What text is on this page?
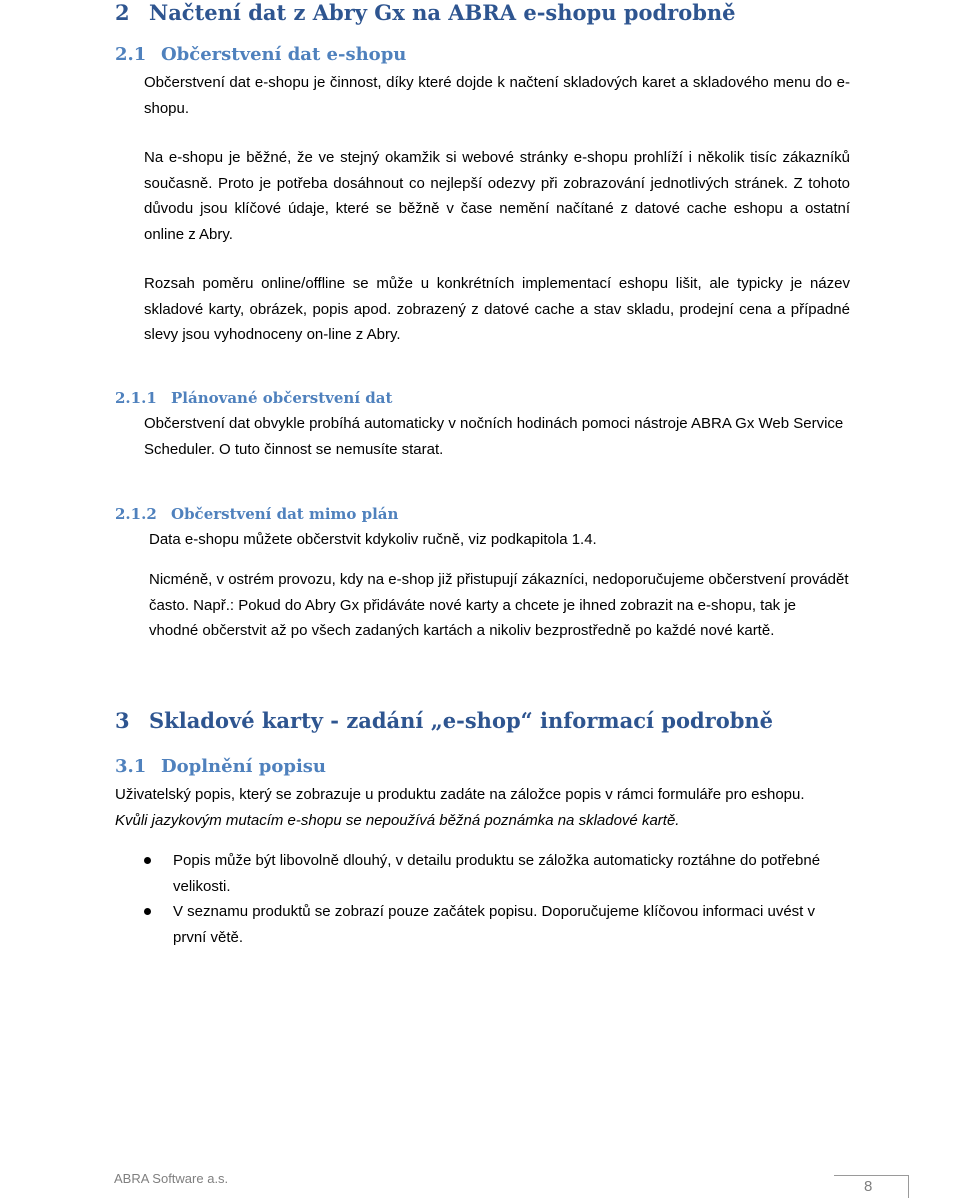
2 Načtení dat z Abry Gx na ABRA e-shopu podrobně
2.1 Občerstvení dat e-shopu

Občerstvení dat e-shopu je činnost, díky které dojde k načtení skladových karet a skladového menu do e-shopu.

Na e-shopu je běžné, že ve stejný okamžik si webové stránky e-shopu prohlíží i několik tisíc zákazníků současně. Proto je potřeba dosáhnout co nejlepší odezvy při zobrazování jednotlivých stránek. Z tohoto důvodu jsou klíčové údaje, které se běžně v čase nemění načítané z datové cache eshopu a ostatní online z Abry.

Rozsah poměru online/offline se může u konkrétních implementací eshopu lišit, ale typicky je název skladové karty, obrázek, popis apod. zobrazený z datové cache a stav skladu, prodejní cena a případné slevy jsou vyhodnoceny on-line z Abry.

2.1.1 Plánované občerstvení dat

Občerstvení dat obvykle probíhá automaticky v nočních hodinách pomoci nástroje ABRA Gx Web Service Scheduler. O tuto činnost se nemusíte starat.

2.1.2 Občerstvení dat mimo plán

Data e-shopu můžete občerstvit kdykoliv ručně, viz podkapitola 1.4.

Nicméně, v ostrém provozu, kdy na e-shop již přistupují zákazníci, nedoporučujeme občerstvení provádět často. Např.: Pokud do Abry Gx přidáváte nové karty a chcete je ihned zobrazit na e-shopu, tak je vhodné občerstvit až po všech zadaných kartách a nikoliv bezprostředně po každé nové kartě.

3 Skladové karty - zadání „e-shop“ informací podrobně
3.1 Doplnění popisu

Uživatelský popis, který se zobrazuje u produktu zadáte na záložce popis v rámci formuláře pro eshopu.  Kvůli jazykovým mutacím e-shopu se nepoužívá běžná poznámka na skladové kartě.

Popis může být libovolně dlouhý, v detailu produktu se záložka automaticky roztáhne do potřebné velikosti.
V seznamu produktů se zobrazí pouze začátek popisu. Doporučujeme klíčovou informaci uvést v první větě.
ABRA Software a.s.	8
